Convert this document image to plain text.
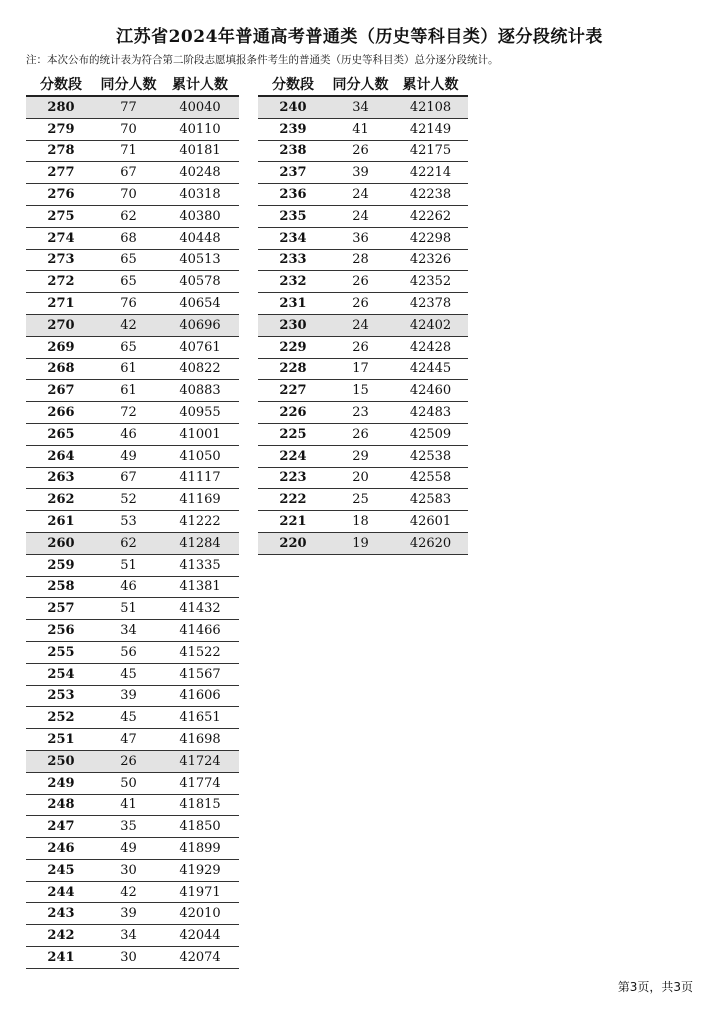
江苏省2024年普通高考普通类（历史等科目类）逐分段统计表
注：本次公布的统计表为符合第二阶段志愿填报条件考生的普通类（历史等科目类）总分逐分段统计。
分数段	同分人数	累计人数
280	77	40040
279	70	40110
278	71	40181
277	67	40248
276	70	40318
275	62	40380
274	68	40448
273	65	40513
272	65	40578
271	76	40654
270	42	40696
269	65	40761
268	61	40822
267	61	40883
266	72	40955
265	46	41001
264	49	41050
263	67	41117
262	52	41169
261	53	41222
260	62	41284
259	51	41335
258	46	41381
257	51	41432
256	34	41466
255	56	41522
254	45	41567
253	39	41606
252	45	41651
251	47	41698
250	26	41724
249	50	41774
248	41	41815
247	35	41850
246	49	41899
245	30	41929
244	42	41971
243	39	42010
242	34	42044
241	30	42074
分数段	同分人数	累计人数
240	34	42108
239	41	42149
238	26	42175
237	39	42214
236	24	42238
235	24	42262
234	36	42298
233	28	42326
232	26	42352
231	26	42378
230	24	42402
229	26	42428
228	17	42445
227	15	42460
226	23	42483
225	26	42509
224	29	42538
223	20	42558
222	25	42583
221	18	42601
220	19	42620
第3页，共3页
